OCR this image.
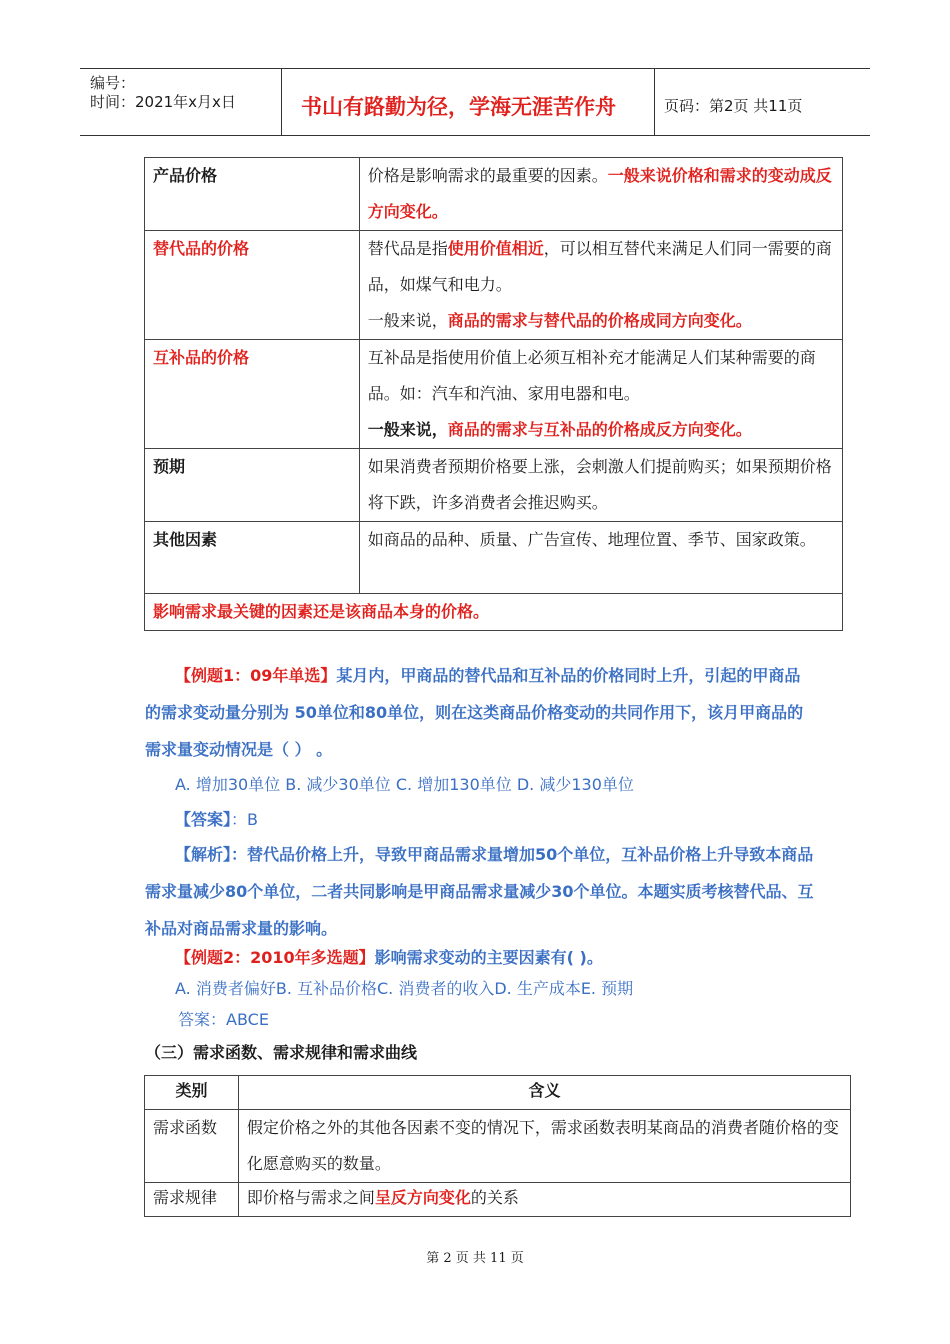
编号：
时间：2021年x月x日	书山有路勤为径，学海无涯苦作舟	页码：第2页 共11页
产品价格	价格是影响需求的最重要的因素。一般来说价格和需求的变动成反方向变化。
替代品的价格	替代品是指使用价值相近，可以相互替代来满足人们同一需要的商品，如煤气和电力。
一般来说，商品的需求与替代品的价格成同方向变化。
互补品的价格	互补品是指使用价值上必须互相补充才能满足人们某种需要的商品。如：汽车和汽油、家用电器和电。
一般来说，商品的需求与互补品的价格成反方向变化。
预期	如果消费者预期价格要上涨，会刺激人们提前购买；如果预期价格将下跌，许多消费者会推迟购买。
其他因素	如商品的品种、质量、广告宣传、地理位置、季节、国家政策。
影响需求最关键的因素还是该商品本身的价格。	
【例题1：09年单选】某月内，甲商品的替代品和互补品的价格同时上升，引起的甲商品的需求变动量分别为 50单位和80单位，则在这类商品价格变动的共同作用下，该月甲商品的需求量变动情况是（ ） 。
A. 增加30单位 B. 减少30单位 C. 增加130单位 D. 减少130单位
【答案】：B
【解析】：替代品价格上升，导致甲商品需求量增加50个单位，互补品价格上升导致本商品需求量减少80个单位，二者共同影响是甲商品需求量减少30个单位。本题实质考核替代品、互补品对商品需求量的影响。
【例题2：2010年多选题】影响需求变动的主要因素有( )。
A. 消费者偏好B. 互补品价格C. 消费者的收入D. 生产成本E. 预期
答案：ABCE
（三）需求函数、需求规律和需求曲线
类别	含义
需求函数	假定价格之外的其他各因素不变的情况下，需求函数表明某商品的消费者随价格的变化愿意购买的数量。
需求规律	即价格与需求之间呈反方向变化的关系
第 2 页 共 11 页
